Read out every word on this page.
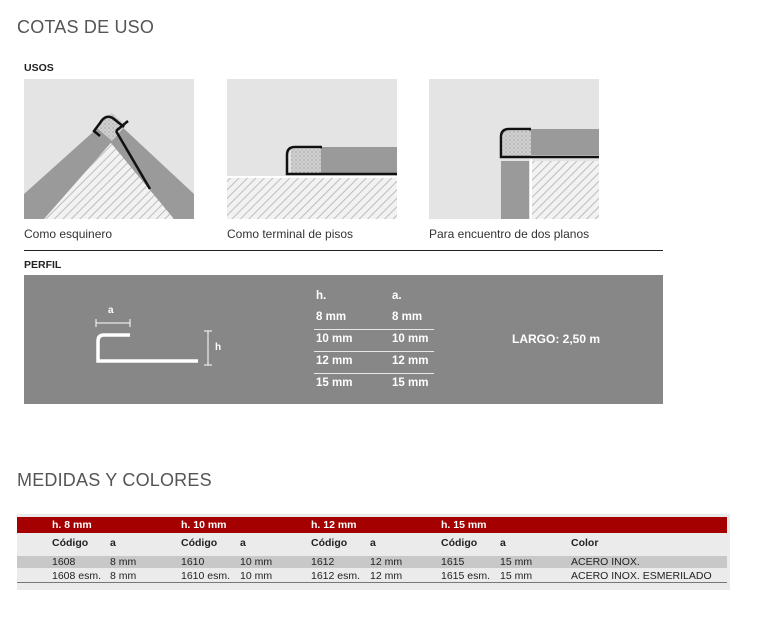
COTAS DE USO
USOS
Como esquinero	Como terminal de pisos	Para encuentro de dos planos
PERFIL
a
h
h.	a.
8 mm	8 mm
10 mm	10 mm
12 mm	12 mm
15 mm	15 mm
LARGO: 2,50 m
MEDIDAS Y COLORES
h. 8 mm	h. 10 mm	h. 12 mm	h. 15 mm
Código a	Código a	Código a	Código a	Color
1608	8 mm	1610	10 mm	1612	12 mm	1615	15 mm	ACERO INOX.
1608 esm. 8 mm	1610 esm. 10 mm	1612 esm. 12 mm	1615 esm. 15 mm	ACERO INOX. ESMERILADO
